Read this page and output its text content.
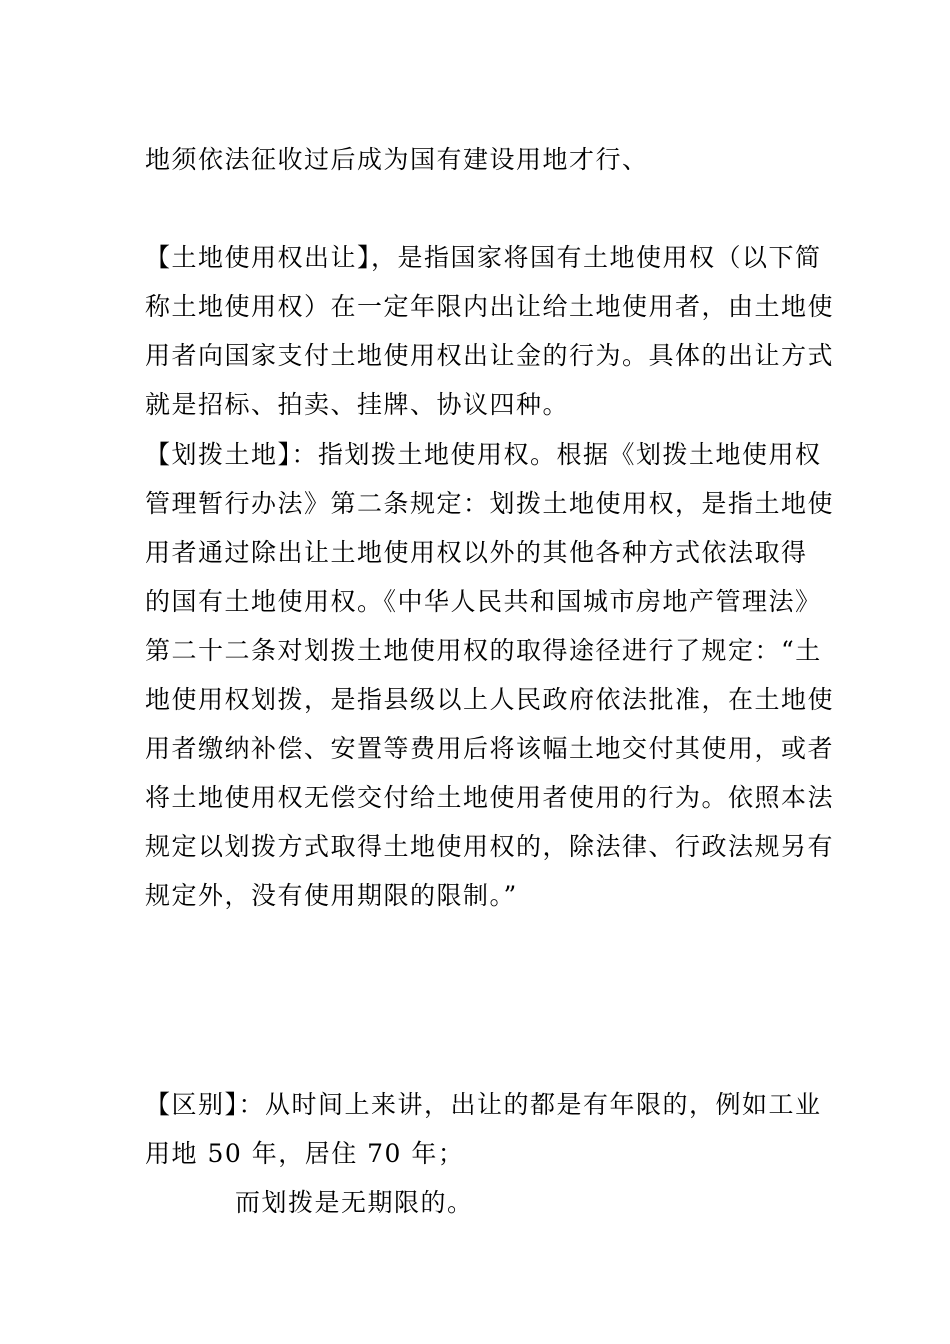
地须依法征收过后成为国有建设用地才行、

【土地使用权出让】，是指国家将国有土地使用权（以下简

称土地使用权）在一定年限内出让给土地使用者，由土地使

用者向国家支付土地使用权出让金的行为。具体的出让方式

就是招标、拍卖、挂牌、协议四种。

【划拨土地】：指划拨土地使用权。根据《划拨土地使用权

管理暂行办法》第二条规定：划拨土地使用权，是指土地使

用者通过除出让土地使用权以外的其他各种方式依法取得

的国有土地使用权。《中华人民共和国城市房地产管理法》

第二十二条对划拨土地使用权的取得途径进行了规定：“土

地使用权划拨，是指县级以上人民政府依法批准，在土地使

用者缴纳补偿、安置等费用后将该幅土地交付其使用，或者

将土地使用权无偿交付给土地使用者使用的行为。依照本法

规定以划拨方式取得土地使用权的，除法律、行政法规另有

规定外，没有使用期限的限制。”

【区别】：从时间上来讲，出让的都是有年限的，例如工业

用地 50 年，居住 70 年；

而划拨是无期限的。
